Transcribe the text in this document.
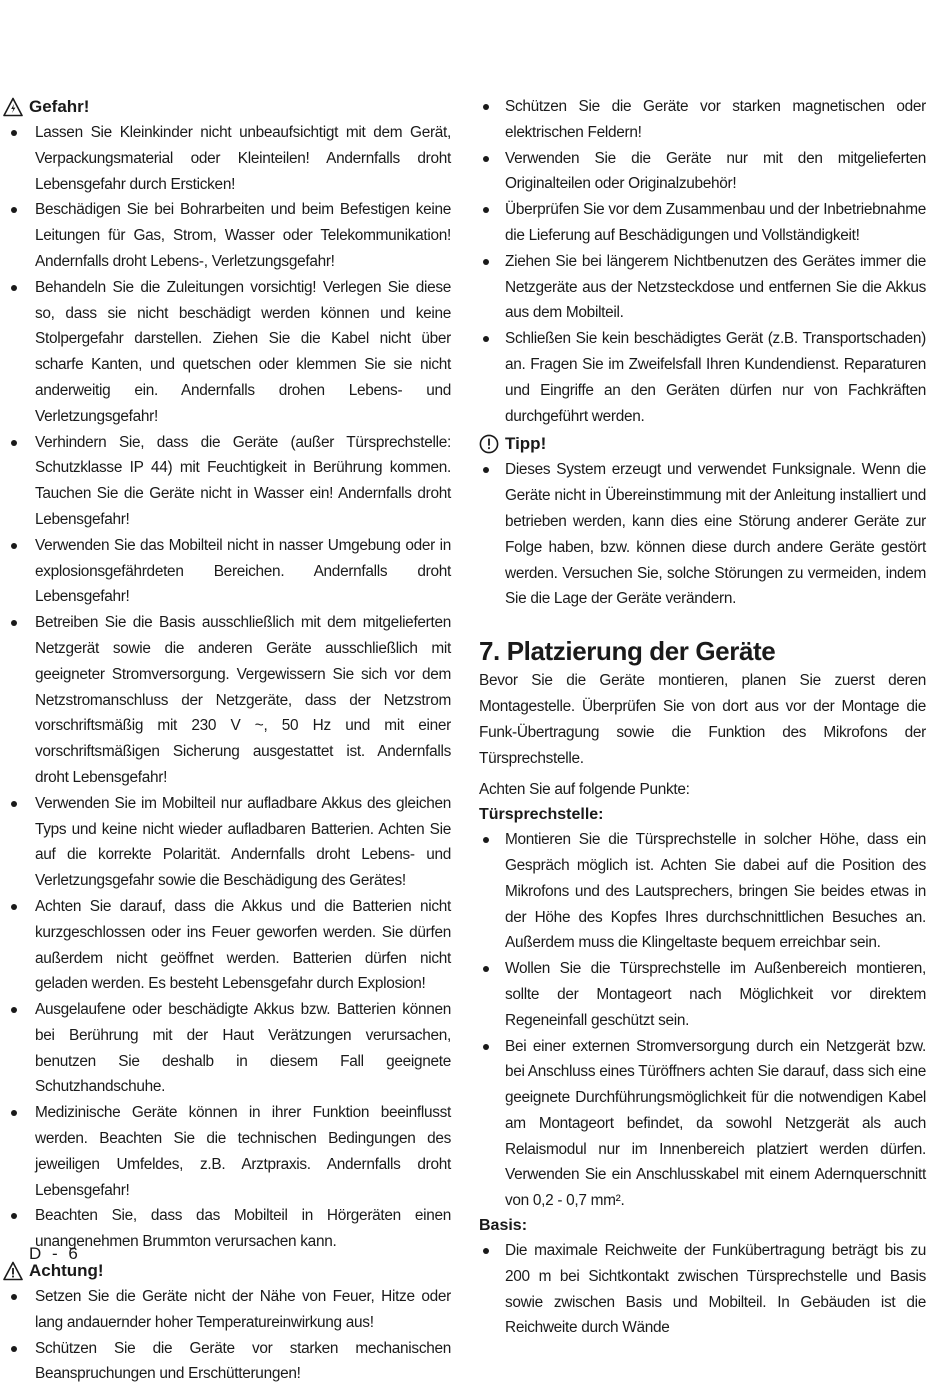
Gefahr!
Lassen Sie Kleinkinder nicht unbeaufsichtigt mit dem Gerät, Verpackungsmaterial oder Kleinteilen! Andernfalls droht Lebensgefahr durch Ersticken!
Beschädigen Sie bei Bohrarbeiten und beim Befestigen keine Leitungen für Gas, Strom, Wasser oder Telekommunikation! Andernfalls droht Lebens-, Verletzungsgefahr!
Behandeln Sie die Zuleitungen vorsichtig! Verlegen Sie diese so, dass sie nicht beschädigt werden können und keine Stolpergefahr darstellen. Ziehen Sie die Kabel nicht über scharfe Kanten, und quetschen oder klemmen Sie sie nicht anderweitig ein. Andernfalls drohen Lebens- und Verletzungsgefahr!
Verhindern Sie, dass die Geräte (außer Türsprechstelle: Schutzklasse IP 44) mit Feuchtigkeit in Berührung kommen. Tauchen Sie die Geräte nicht in Wasser ein! Andernfalls droht Lebensgefahr!
Verwenden Sie das Mobilteil nicht in nasser Umgebung oder in explosionsgefährdeten Bereichen. Andernfalls droht Lebensgefahr!
Betreiben Sie die Basis ausschließlich mit dem mitgelieferten Netzgerät sowie die anderen Geräte ausschließlich mit geeigneter Stromversorgung. Vergewissern Sie sich vor dem Netzstromanschluss der Netzgeräte, dass der Netzstrom vorschriftsmäßig mit 230 V ~, 50 Hz und mit einer vorschriftsmäßigen Sicherung ausgestattet ist. Andernfalls droht Lebensgefahr!
Verwenden Sie im Mobilteil nur aufladbare Akkus des gleichen Typs und keine nicht wieder aufladbaren Batterien. Achten Sie auf die korrekte Polarität. Andernfalls droht Lebens- und Verletzungsgefahr sowie die Beschädigung des Gerätes!
Achten Sie darauf, dass die Akkus und die Batterien nicht kurzgeschlossen oder ins Feuer geworfen werden. Sie dürfen außerdem nicht geöffnet werden. Batterien dürfen nicht geladen werden. Es besteht Lebensgefahr durch Explosion!
Ausgelaufene oder beschädigte Akkus bzw. Batterien können bei Berührung mit der Haut Verätzungen verursachen, benutzen Sie deshalb in diesem Fall geeignete Schutzhandschuhe.
Medizinische Geräte können in ihrer Funktion beeinflusst werden. Beachten Sie die technischen Bedingungen des jeweiligen Umfeldes, z.B. Arztpraxis. Andernfalls droht Lebensgefahr!
Beachten Sie, dass das Mobilteil in Hörgeräten einen unangenehmen Brummton verursachen kann.
Achtung!
Setzen Sie die Geräte nicht der Nähe von Feuer, Hitze oder lang andauernder hoher Temperatureinwirkung aus!
Schützen Sie die Geräte vor starken mechanischen Beanspruchungen und Erschütterungen!
Schützen Sie die Geräte vor starken magnetischen oder elektrischen Feldern!
Verwenden Sie die Geräte nur mit den mitgelieferten Originalteilen oder Originalzubehör!
Überprüfen Sie vor dem Zusammenbau und der Inbetriebnahme die Lieferung auf Beschädigungen und Vollständigkeit!
Ziehen Sie bei längerem Nichtbenutzen des Gerätes immer die Netzgeräte aus der Netzsteckdose und entfernen Sie die Akkus aus dem Mobilteil.
Schließen Sie kein beschädigtes Gerät (z.B. Transportschaden) an. Fragen Sie im Zweifelsfall Ihren Kundendienst. Reparaturen und Eingriffe an den Geräten dürfen nur von Fachkräften durchgeführt werden.
Tipp!
Dieses System erzeugt und verwendet Funksignale. Wenn die Geräte nicht in Übereinstimmung mit der Anleitung installiert und betrieben werden, kann dies eine Störung anderer Geräte zur Folge haben, bzw. können diese durch andere Geräte gestört werden. Versuchen Sie, solche Störungen zu vermeiden, indem Sie die Lage der Geräte verändern.
7. Platzierung der Geräte

Bevor Sie die Geräte montieren, planen Sie zuerst deren Montagestelle. Überprüfen Sie von dort aus vor der Montage die Funk-Übertragung sowie die Funktion des Mikrofons der Türsprechstelle.

Achten Sie auf folgende Punkte:

Türsprechstelle:
Montieren Sie die Türsprechstelle in solcher Höhe, dass ein Gespräch möglich ist. Achten Sie dabei auf die Position des Mikrofons und des Lautsprechers, bringen Sie beides etwas in der Höhe des Kopfes Ihres durchschnittlichen Besuches an. Außerdem muss die Klingeltaste bequem erreichbar sein.
Wollen Sie die Türsprechstelle im Außenbereich montieren, sollte der Montageort nach Möglichkeit vor direktem Regeneinfall geschützt sein.
Bei einer externen Stromversorgung durch ein Netzgerät bzw. bei Anschluss eines Türöffners achten Sie darauf, dass sich eine geeignete Durchführungsmöglichkeit für die notwendigen Kabel am Montageort befindet, da sowohl Netzgerät als auch Relaismodul nur im Innenbereich platziert werden dürfen. Verwenden Sie ein Anschlusskabel mit einem Adernquerschnitt von 0,2 - 0,7 mm².
Basis:
Die maximale Reichweite der Funkübertragung beträgt bis zu 200 m bei Sichtkontakt zwischen Türsprechstelle und Basis sowie zwischen Basis und Mobilteil. In Gebäuden ist die Reichweite durch Wände
D - 6
